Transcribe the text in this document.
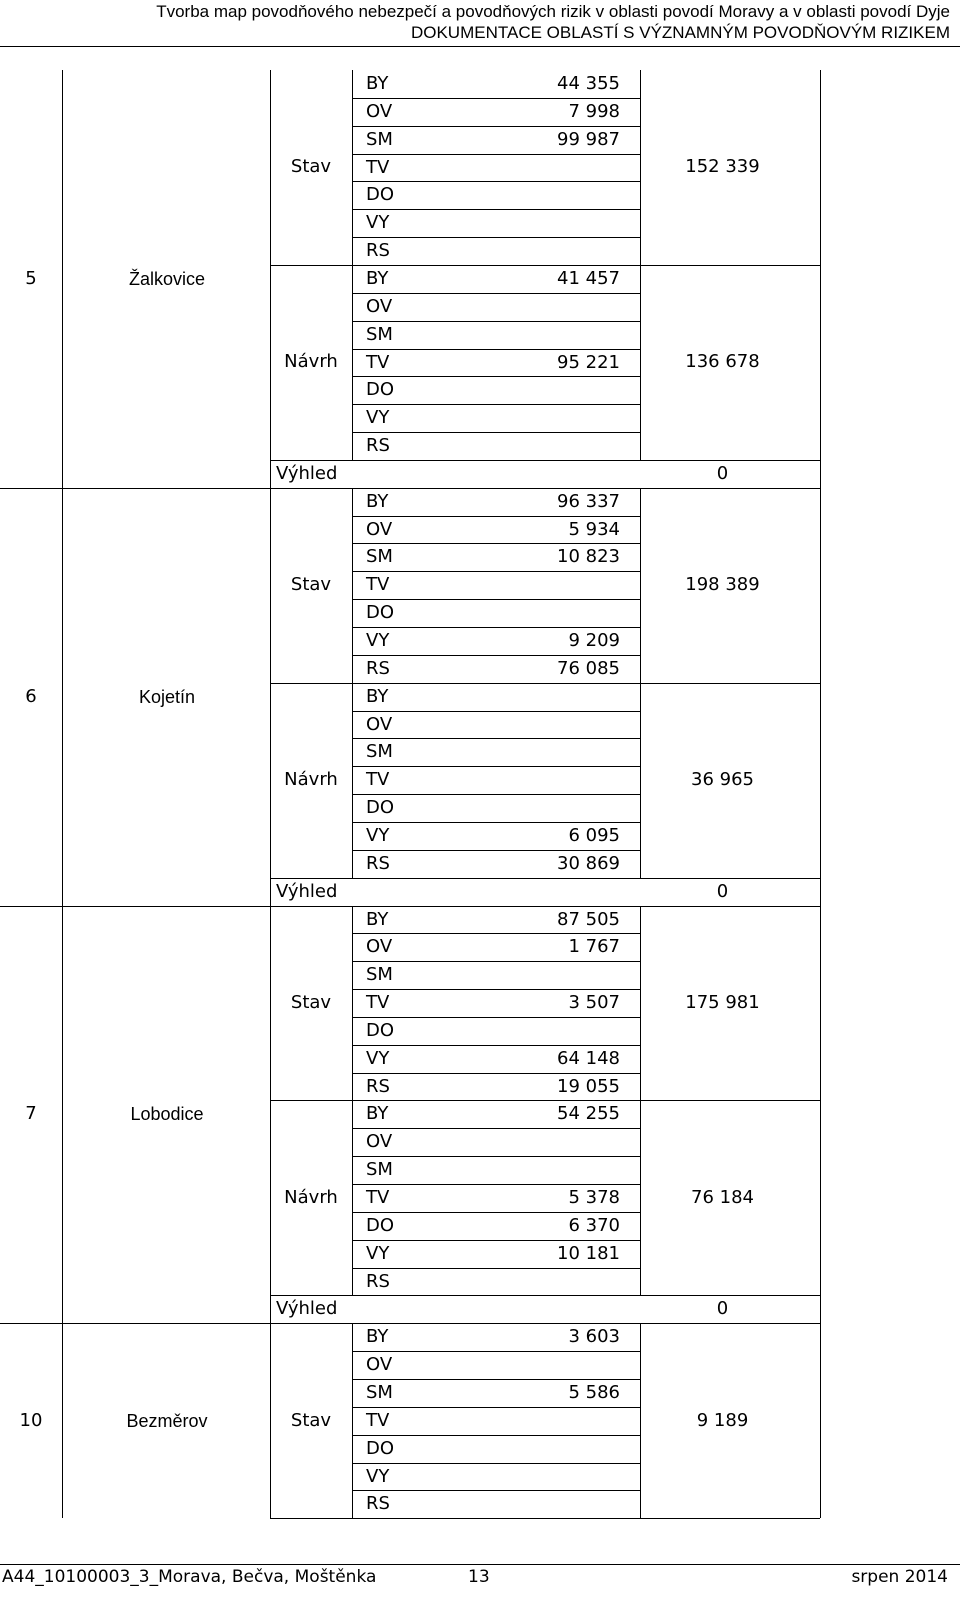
Tvorba map povodňového nebezpečí a povodňových rizik v oblasti povodí Moravy a v oblasti povodí Dyje
DOKUMENTACE OBLASTÍ S VÝZNAMNÝM POVODŇOVÝM RIZIKEM
BY	44 355
OV	7 998
SM	99 987
TV
DO
VY
RS
Stav	152 339
BY	41 457
OV
SM
TV	95 221
DO
VY
RS
Návrh	136 678
Výhled	0
5	Žalkovice
BY	96 337
OV	5 934
SM	10 823
TV
DO
VY	9 209
RS	76 085
Stav	198 389
BY
OV
SM
TV
DO
VY	6 095
RS	30 869
Návrh	36 965
Výhled	0
6	Kojetín
BY	87 505
OV	1 767
SM
TV	3 507
DO
VY	64 148
RS	19 055
Stav	175 981
BY	54 255
OV
SM
TV	5 378
DO	6 370
VY	10 181
RS
Návrh	76 184
Výhled	0
7	Lobodice
BY	3 603
OV
SM	5 586
TV
DO
VY
RS
Stav	9 189
10	Bezměrov
A44_10100003_3_Morava, Bečva, Moštěnka	13	srpen 2014
